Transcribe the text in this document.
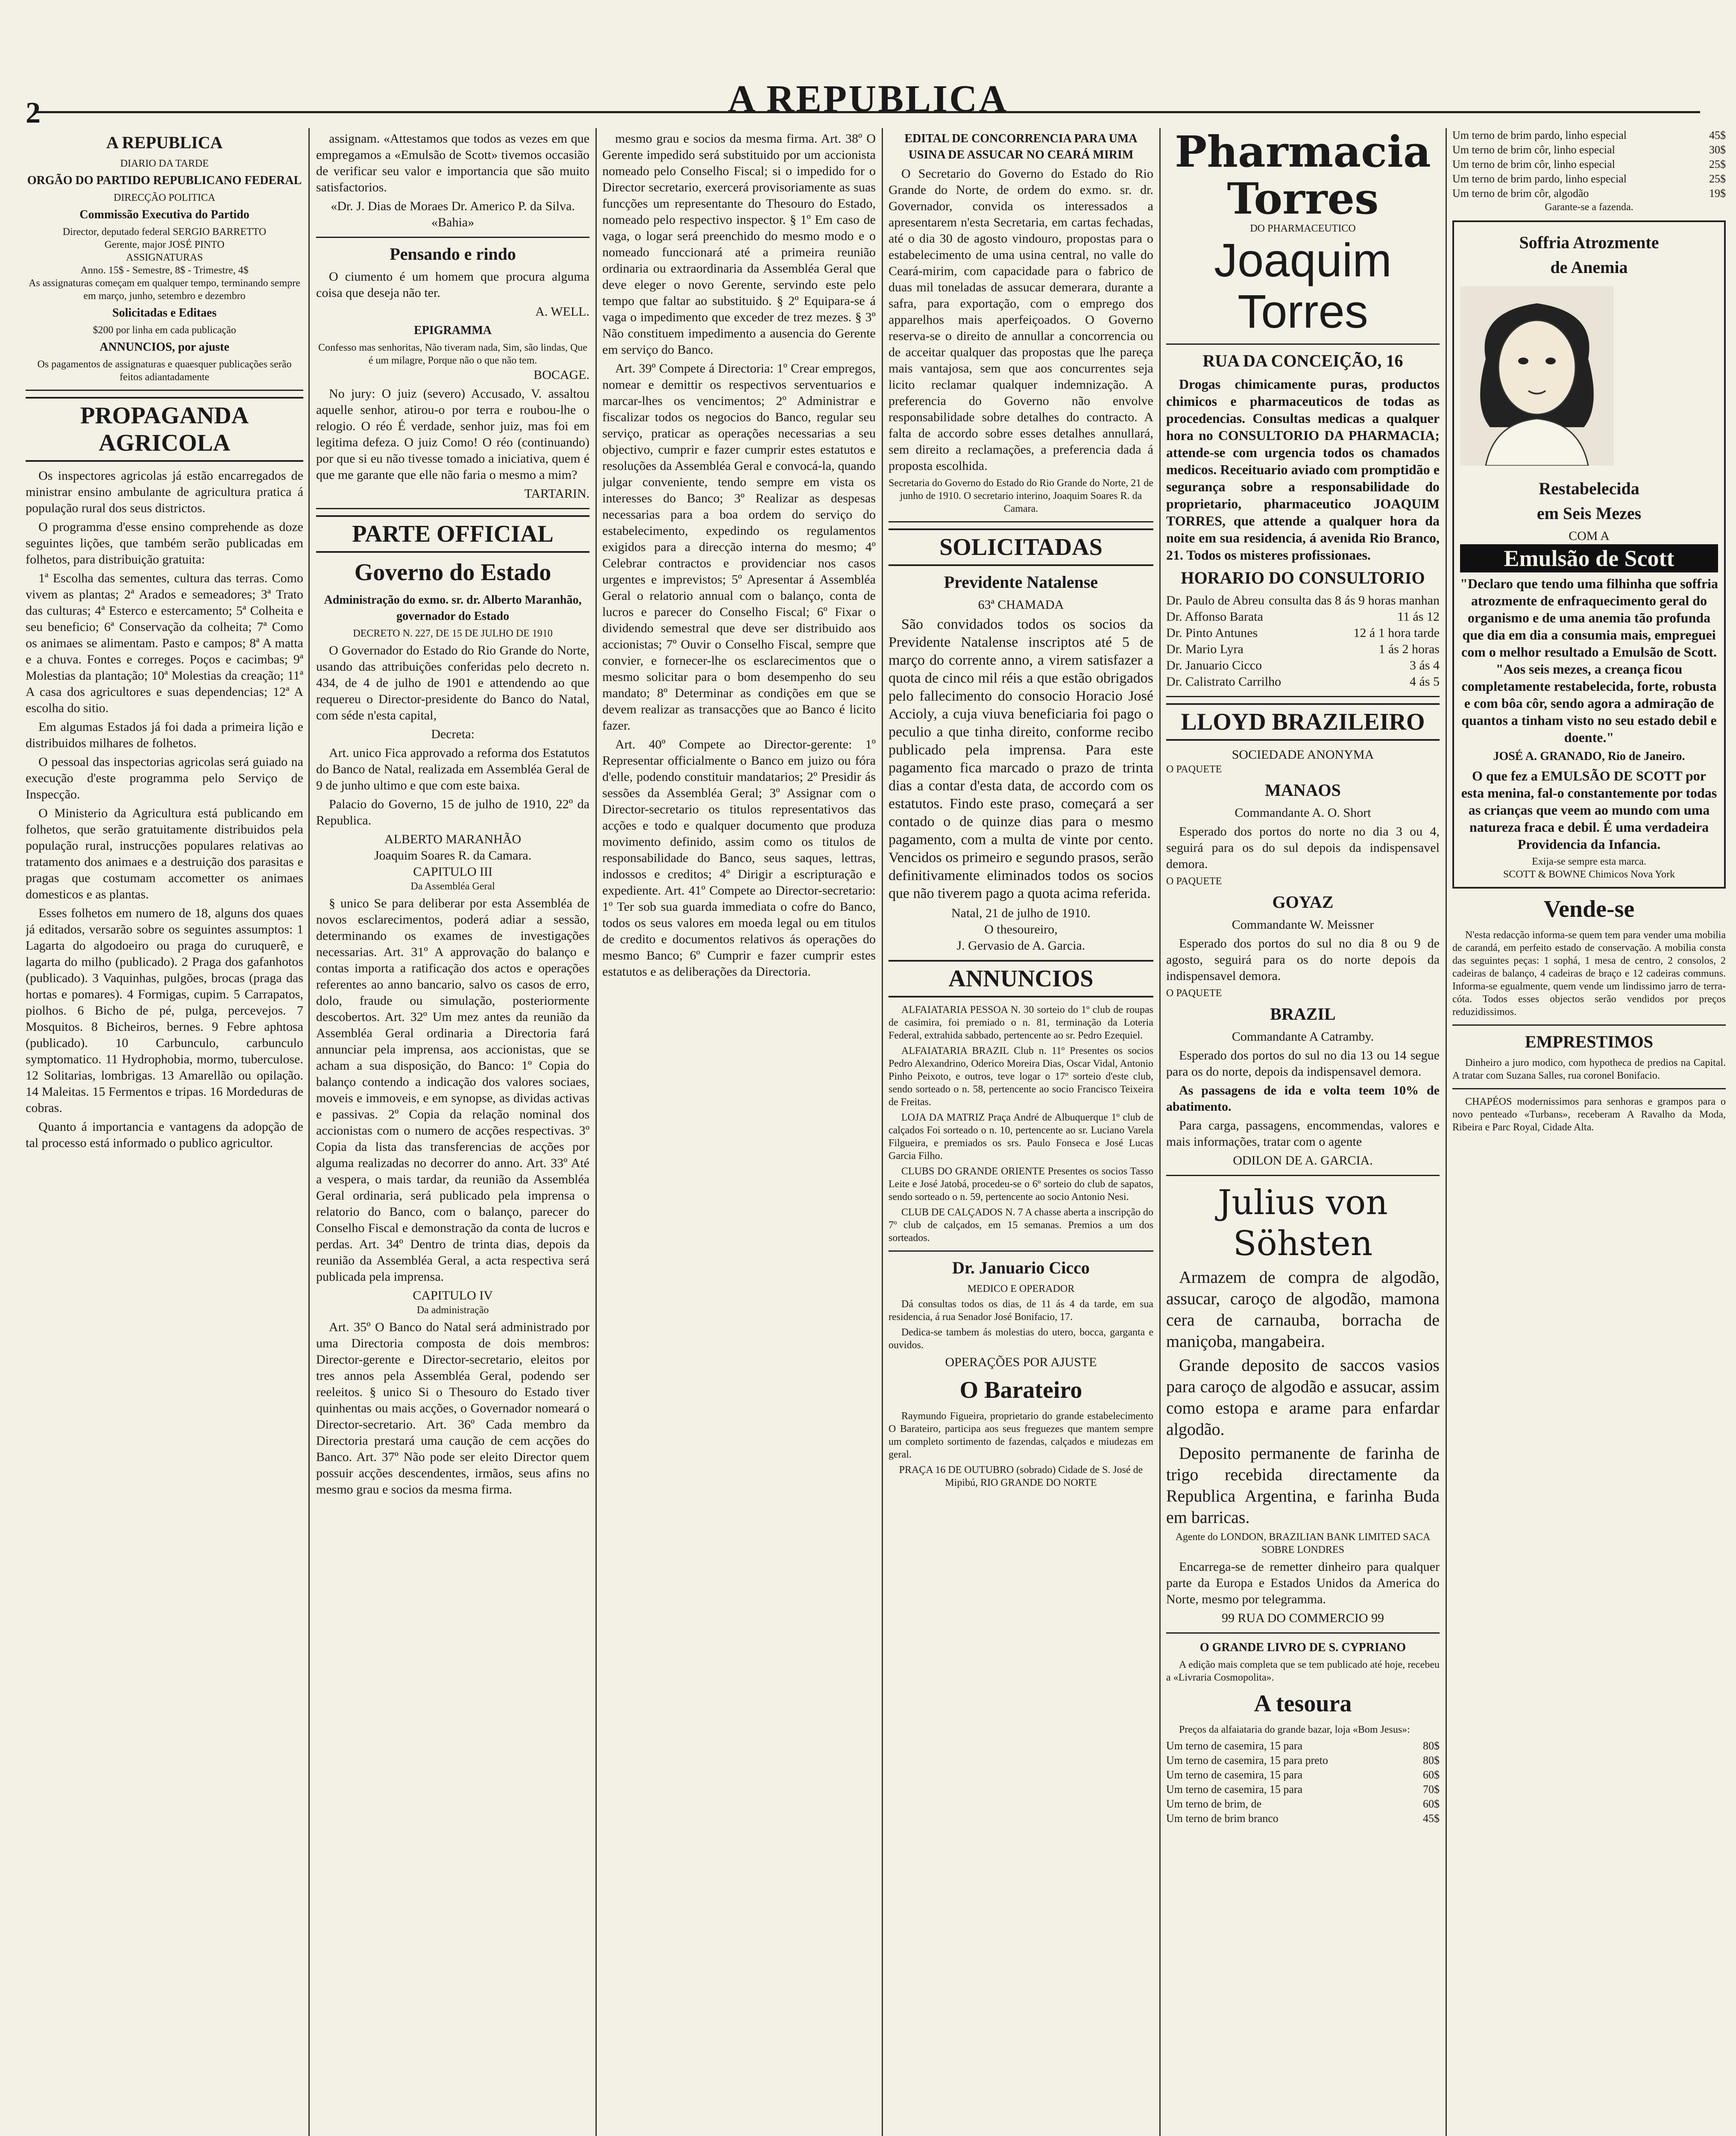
2	A REPUBLICA
A REPUBLICA
DIARIO DA TARDE
ORGÃO DO PARTIDO REPUBLICANO FEDERAL
DIRECÇÃO POLITICA
Commissão Executiva do Partido
Director, deputado federal SERGIO BARRETTO
Gerente, major JOSÉ PINTO
ASSIGNATURAS
Anno. 15$ - Semestre, 8$ - Trimestre, 4$
As assignaturas começam em qualquer tempo, terminando sempre em março, junho, setembro e dezembro
Solicitadas e Editaes
$200 por linha em cada publicação
ANNUNCIOS, por ajuste
Os pagamentos de assignaturas e quaesquer publicações serão feitos adiantadamente
PROPAGANDA AGRICOLA
Os inspectores agricolas já estão encarregados de ministrar ensino ambulante de agricultura pratica á população rural dos seus districtos.
O programma d'esse ensino comprehende as doze seguintes lições, que também serão publicadas em folhetos, para distribuição gratuita:
1ª Escolha das sementes, cultura das terras. Como vivem as plantas; 2ª Arados e semeadores; 3ª Trato das culturas; 4ª Esterco e estercamento; 5ª Colheita e seu beneficio; 6ª Conservação da colheita; 7ª Como os animaes se alimentam. Pasto e campos; 8ª A matta e a chuva. Fontes e correges. Poços e cacimbas; 9ª Molestias da plantação; 10ª Molestias da creação; 11ª A casa dos agricultores e suas dependencias; 12ª A escolha do sitio.
Em algumas Estados já foi dada a primeira lição e distribuidos milhares de folhetos.
O pessoal das inspectorias agricolas será guiado na execução d'este programma pelo Serviço de Inspecção.
O Ministerio da Agricultura está publicando em folhetos, que serão gratuitamente distribuidos pela população rural, instrucções populares relativas ao tratamento dos animaes e a destruição dos parasitas e pragas que costumam accometter os animaes domesticos e as plantas.
Esses folhetos em numero de 18, alguns dos quaes já editados, versarão sobre os seguintes assumptos: 1 Lagarta do algodoeiro ou praga do curuquerê, e lagarta do milho (publicado). 2 Praga dos gafanhotos (publicado). 3 Vaquinhas, pulgões, brocas (praga das hortas e pomares). 4 Formigas, cupim. 5 Carrapatos, piolhos. 6 Bicho de pé, pulga, percevejos. 7 Mosquitos. 8 Bicheiros, bernes. 9 Febre aphtosa (publicado). 10 Carbunculo, carbunculo symptomatico. 11 Hydrophobia, mormo, tuberculose. 12 Solitarias, lombrigas. 13 Amarellão ou opilação. 14 Maleitas. 15 Fermentos e tripas. 16 Mordeduras de cobras.
Quanto á importancia e vantagens da adopção de tal processo está informado o publico agricultor.
assignam. «Attestamos que todos as vezes em que empregamos a «Emulsão de Scott» tivemos occasião de verificar seu valor e importancia que são muito satisfactorios.
«Dr. J. Dias de Moraes Dr. Americo P. da Silva.
«Bahia»
Pensando e rindo
O ciumento é um homem que procura alguma coisa que deseja não ter.
A. WELL.
EPIGRAMMA
Confesso mas senhoritas, Não tiveram nada, Sim, são lindas, Que é um milagre, Porque não o que não tem.
BOCAGE.
No jury: O juiz (severo) Accusado, V. assaltou aquelle senhor, atirou-o por terra e roubou-lhe o relogio. O réo É verdade, senhor juiz, mas foi em legitima defeza. O juiz Como! O réo (continuando) por que si eu não tivesse tomado a iniciativa, quem é que me garante que elle não faria o mesmo a mim?
TARTARIN.
PARTE OFFICIAL
Governo do Estado
Administração do exmo. sr. dr. Alberto Maranhão, governador do Estado
DECRETO N. 227, DE 15 DE JULHO DE 1910
O Governador do Estado do Rio Grande do Norte, usando das attribuições conferidas pelo decreto n. 434, de 4 de julho de 1901 e attendendo ao que requereu o Director-presidente do Banco do Natal, com séde n'esta capital,
Decreta:
Art. unico Fica approvado a reforma dos Estatutos do Banco de Natal, realizada em Assembléa Geral de 9 de junho ultimo e que com este baixa.
Palacio do Governo, 15 de julho de 1910, 22º da Republica.
ALBERTO MARANHÃO
Joaquim Soares R. da Camara.
CAPITULO III
Da Assembléa Geral
§ unico Se para deliberar por esta Assembléa de novos esclarecimentos, poderá adiar a sessão, determinando os exames de investigações necessarias. Art. 31º A approvação do balanço e contas importa a ratificação dos actos e operações referentes ao anno bancario, salvo os casos de erro, dolo, fraude ou simulação, posteriormente descobertos. Art. 32º Um mez antes da reunião da Assembléa Geral ordinaria a Directoria fará annunciar pela imprensa, aos accionistas, que se acham a sua disposição, do Banco: 1º Copia do balanço contendo a indicação dos valores sociaes, moveis e immoveis, e em synopse, as dividas activas e passivas. 2º Copia da relação nominal dos accionistas com o numero de acções respectivas. 3º Copia da lista das transferencias de acções por alguma realizadas no decorrer do anno. Art. 33º Até a vespera, o mais tardar, da reunião da Assembléa Geral ordinaria, será publicado pela imprensa o relatorio do Banco, com o balanço, parecer do Conselho Fiscal e demonstração da conta de lucros e perdas. Art. 34º Dentro de trinta dias, depois da reunião da Assembléa Geral, a acta respectiva será publicada pela imprensa.
CAPITULO IV
Da administração
Art. 35º O Banco do Natal será administrado por uma Directoria composta de dois membros: Director-gerente e Director-secretario, eleitos por tres annos pela Assembléa Geral, podendo ser reeleitos. § unico Si o Thesouro do Estado tiver quinhentas ou mais acções, o Governador nomeará o Director-secretario. Art. 36º Cada membro da Directoria prestará uma caução de cem acções do Banco. Art. 37º Não pode ser eleito Director quem possuir acções descendentes, irmãos, seus afins no mesmo grau e socios da mesma firma.
mesmo grau e socios da mesma firma. Art. 38º O Gerente impedido será substituido por um accionista nomeado pelo Conselho Fiscal; si o impedido for o Director secretario, exercerá provisoriamente as suas funcções um representante do Thesouro do Estado, nomeado pelo respectivo inspector. § 1º Em caso de vaga, o logar será preenchido do mesmo modo e o nomeado funccionará até a primeira reunião ordinaria ou extraordinaria da Assembléa Geral que deve eleger o novo Gerente, servindo este pelo tempo que faltar ao substituido. § 2º Equipara-se á vaga o impedimento que exceder de trez mezes. § 3º Não constituem impedimento a ausencia do Gerente em serviço do Banco.
Art. 39º Compete á Directoria: 1º Crear empregos, nomear e demittir os respectivos serventuarios e marcar-lhes os vencimentos; 2º Administrar e fiscalizar todos os negocios do Banco, regular seu serviço, praticar as operações necessarias a seu objectivo, cumprir e fazer cumprir estes estatutos e resoluções da Assembléa Geral e convocá-la, quando julgar conveniente, tendo sempre em vista os interesses do Banco; 3º Realizar as despesas necessarias para a boa ordem do serviço do estabelecimento, expedindo os regulamentos exigidos para a direcção interna do mesmo; 4º Celebrar contractos e providenciar nos casos urgentes e imprevistos; 5º Apresentar á Assembléa Geral o relatorio annual com o balanço, conta de lucros e parecer do Conselho Fiscal; 6º Fixar o dividendo semestral que deve ser distribuido aos accionistas; 7º Ouvir o Conselho Fiscal, sempre que convier, e fornecer-lhe os esclarecimentos que o mesmo solicitar para o bom desempenho do seu mandato; 8º Determinar as condições em que se devem realizar as transacções que ao Banco é licito fazer.
Art. 40º Compete ao Director-gerente: 1º Representar officialmente o Banco em juizo ou fóra d'elle, podendo constituir mandatarios; 2º Presidir ás sessões da Assembléa Geral; 3º Assignar com o Director-secretario os titulos representativos das acções e todo e qualquer documento que produza movimento definido, assim como os titulos de responsabilidade do Banco, seus saques, lettras, indossos e creditos; 4º Dirigir a escripturação e expediente. Art. 41º Compete ao Director-secretario: 1º Ter sob sua guarda immediata o cofre do Banco, todos os seus valores em moeda legal ou em titulos de credito e documentos relativos ás operações do mesmo Banco; 6º Cumprir e fazer cumprir estes estatutos e as deliberações da Directoria.
EDITAL DE CONCORRENCIA PARA UMA USINA DE ASSUCAR NO CEARÁ MIRIM
O Secretario do Governo do Estado do Rio Grande do Norte, de ordem do exmo. sr. dr. Governador, convida os interessados a apresentarem n'esta Secretaria, em cartas fechadas, até o dia 30 de agosto vindouro, propostas para o estabelecimento de uma usina central, no valle do Ceará-mirim, com capacidade para o fabrico de duas mil toneladas de assucar demerara, durante a safra, para exportação, com o emprego dos apparelhos mais aperfeiçoados. O Governo reserva-se o direito de annullar a concorrencia ou de acceitar qualquer das propostas que lhe pareça mais vantajosa, sem que aos concurrentes seja licito reclamar qualquer indemnização. A preferencia do Governo não envolve responsabilidade sobre detalhes do contracto. A falta de accordo sobre esses detalhes annullará, sem direito a reclamações, a preferencia dada á proposta escolhida.
Secretaria do Governo do Estado do Rio Grande do Norte, 21 de junho de 1910. O secretario interino, Joaquim Soares R. da Camara.
SOLICITADAS
Previdente Natalense
63ª CHAMADA
São convidados todos os socios da Previdente Natalense inscriptos até 5 de março do corrente anno, a virem satisfazer a quota de cinco mil réis a que estão obrigados pelo fallecimento do consocio Horacio José Accioly, a cuja viuva beneficiaria foi pago o peculio a que tinha direito, conforme recibo publicado pela imprensa. Para este pagamento fica marcado o prazo de trinta dias a contar d'esta data, de accordo com os estatutos. Findo este praso, começará a ser contado o de quinze dias para o mesmo pagamento, com a multa de vinte por cento. Vencidos os primeiro e segundo prasos, serão definitivamente eliminados todos os socios que não tiverem pago a quota acima referida.
Natal, 21 de julho de 1910.
O thesoureiro,
J. Gervasio de A. Garcia.
ANNUNCIOS
ALFAIATARIA PESSOA N. 30 sorteio do 1º club de roupas de casimira, foi premiado o n. 81, terminação da Loteria Federal, extrahida sabbado, pertencente ao sr. Pedro Ezequiel.
ALFAIATARIA BRAZIL Club n. 11º Presentes os socios Pedro Alexandrino, Oderico Moreira Dias, Oscar Vidal, Antonio Pinho Peixoto, e outros, teve logar o 17º sorteio d'este club, sendo sorteado o n. 58, pertencente ao socio Francisco Teixeira de Freitas.
LOJA DA MATRIZ Praça André de Albuquerque 1º club de calçados Foi sorteado o n. 10, pertencente ao sr. Luciano Varela Filgueira, e premiados os srs. Paulo Fonseca e José Lucas Garcia Filho.
CLUBS DO GRANDE ORIENTE Presentes os socios Tasso Leite e José Jatobá, procedeu-se o 6º sorteio do club de sapatos, sendo sorteado o n. 59, pertencente ao socio Antonio Nesi.
CLUB DE CALÇADOS N. 7 A chasse aberta a inscripção do 7º club de calçados, em 15 semanas. Premios a um dos sorteados.
Dr. Januario Cicco
MEDICO E OPERADOR
Dá consultas todos os dias, de 11 ás 4 da tarde, em sua residencia, á rua Senador José Bonifacio, 17.
Dedica-se tambem ás molestias do utero, bocca, garganta e ouvidos.
OPERAÇÕES POR AJUSTE
O Barateiro
Raymundo Figueira, proprietario do grande estabelecimento O Barateiro, participa aos seus freguezes que mantem sempre um completo sortimento de fazendas, calçados e miudezas em geral.
PRAÇA 16 DE OUTUBRO (sobrado) Cidade de S. José de Mipibú, RIO GRANDE DO NORTE
Pharmacia Torres
DO PHARMACEUTICO
Joaquim Torres
RUA DA CONCEIÇÃO, 16
Drogas chimicamente puras, productos chimicos e pharmaceuticos de todas as procedencias. Consultas medicas a qualquer hora no CONSULTORIO DA PHARMACIA; attende-se com urgencia todos os chamados medicos. Receituario aviado com promptidão e segurança sobre a responsabilidade do proprietario, pharmaceutico JOAQUIM TORRES, que attende a qualquer hora da noite em sua residencia, á avenida Rio Branco, 21. Todos os misteres profissionaes.
HORARIO DO CONSULTORIO
Dr. Paulo de Abreu consulta das 8 ás 9 horas manhan
Dr. Affonso Barata	11 ás 12
Dr. Pinto Antunes	12 á 1 hora tarde
Dr. Mario Lyra	1 ás 2 horas
Dr. Januario Cicco	3 ás 4
Dr. Calistrato Carrilho	4 ás 5
LLOYD BRAZILEIRO
SOCIEDADE ANONYMA
O PAQUETE
MANAOS
Commandante A. O. Short
Esperado dos portos do norte no dia 3 ou 4, seguirá para os do sul depois da indispensavel demora.
O PAQUETE
GOYAZ
Commandante W. Meissner
Esperado dos portos do sul no dia 8 ou 9 de agosto, seguirá para os do norte depois da indispensavel demora.
O PAQUETE
BRAZIL
Commandante A Catramby.
Esperado dos portos do sul no dia 13 ou 14 segue para os do norte, depois da indispensavel demora.
As passagens de ida e volta teem 10% de abatimento.
Para carga, passagens, encommendas, valores e mais informações, tratar com o agente
ODILON DE A. GARCIA.
Julius von Söhsten
Armazem de compra de algodão, assucar, caroço de algodão, mamona cera de carnauba, borracha de maniçoba, mangabeira.
Grande deposito de saccos vasios para caroço de algodão e assucar, assim como estopa e arame para enfardar algodão.
Deposito permanente de farinha de trigo recebida directamente da Republica Argentina, e farinha Buda em barricas.
Agente do LONDON, BRAZILIAN BANK LIMITED SACA SOBRE LONDRES
Encarrega-se de remetter dinheiro para qualquer parte da Europa e Estados Unidos da America do Norte, mesmo por telegramma.
99 RUA DO COMMERCIO 99
O GRANDE LIVRO DE S. CYPRIANO
A edição mais completa que se tem publicado até hoje, recebeu a «Livraria Cosmopolita».
A tesoura
Preços da alfaiataria do grande bazar, loja «Bom Jesus»:
Um terno de casemira, 15 para	80$
Um terno de casemira, 15 para preto	80$
Um terno de casemira, 15 para	60$
Um terno de casemira, 15 para	70$
Um terno de brim, de	60$
Um terno de brim branco	45$
Um terno de brim pardo, linho especial	45$
Um terno de brim côr, linho especial	30$
Um terno de brim côr, linho especial	25$
Um terno de brim pardo, linho especial	25$
Um terno de brim côr, algodão	19$
Garante-se a fazenda.
Soffria Atrozmente
de Anemia
Restabelecida
em Seis Mezes
COM A
Emulsão de Scott
"Declaro que tendo uma filhinha que soffria atrozmente de enfraquecimento geral do organismo e de uma anemia tão profunda que dia em dia a consumia mais, empreguei com o melhor resultado a Emulsão de Scott. "Aos seis mezes, a creança ficou completamente restabelecida, forte, robusta e com bôa côr, sendo agora a admiração de quantos a tinham visto no seu estado debil e doente."
JOSÉ A. GRANADO, Rio de Janeiro.
O que fez a EMULSÃO DE SCOTT por esta menina, fal-o constantemente por todas as crianças que veem ao mundo com uma natureza fraca e debil. É uma verdadeira Providencia da Infancia.
Exija-se sempre esta marca.
SCOTT & BOWNE Chimicos Nova York
Vende-se
N'esta redacção informa-se quem tem para vender uma mobilia de carandá, em perfeito estado de conservação. A mobilia consta das seguintes peças: 1 sophá, 1 mesa de centro, 2 consolos, 2 cadeiras de balanço, 4 cadeiras de braço e 12 cadeiras communs. Informa-se egualmente, quem vende um lindissimo jarro de terra-cóta. Todos esses objectos serão vendidos por preços reduzidissimos.
EMPRESTIMOS
Dinheiro a juro modico, com hypotheca de predios na Capital. A tratar com Suzana Salles, rua coronel Bonifacio.
CHAPÉOS modernissimos para senhoras e grampos para o novo penteado «Turbans», receberam A Ravalho da Moda, Ribeira e Parc Royal, Cidade Alta.
